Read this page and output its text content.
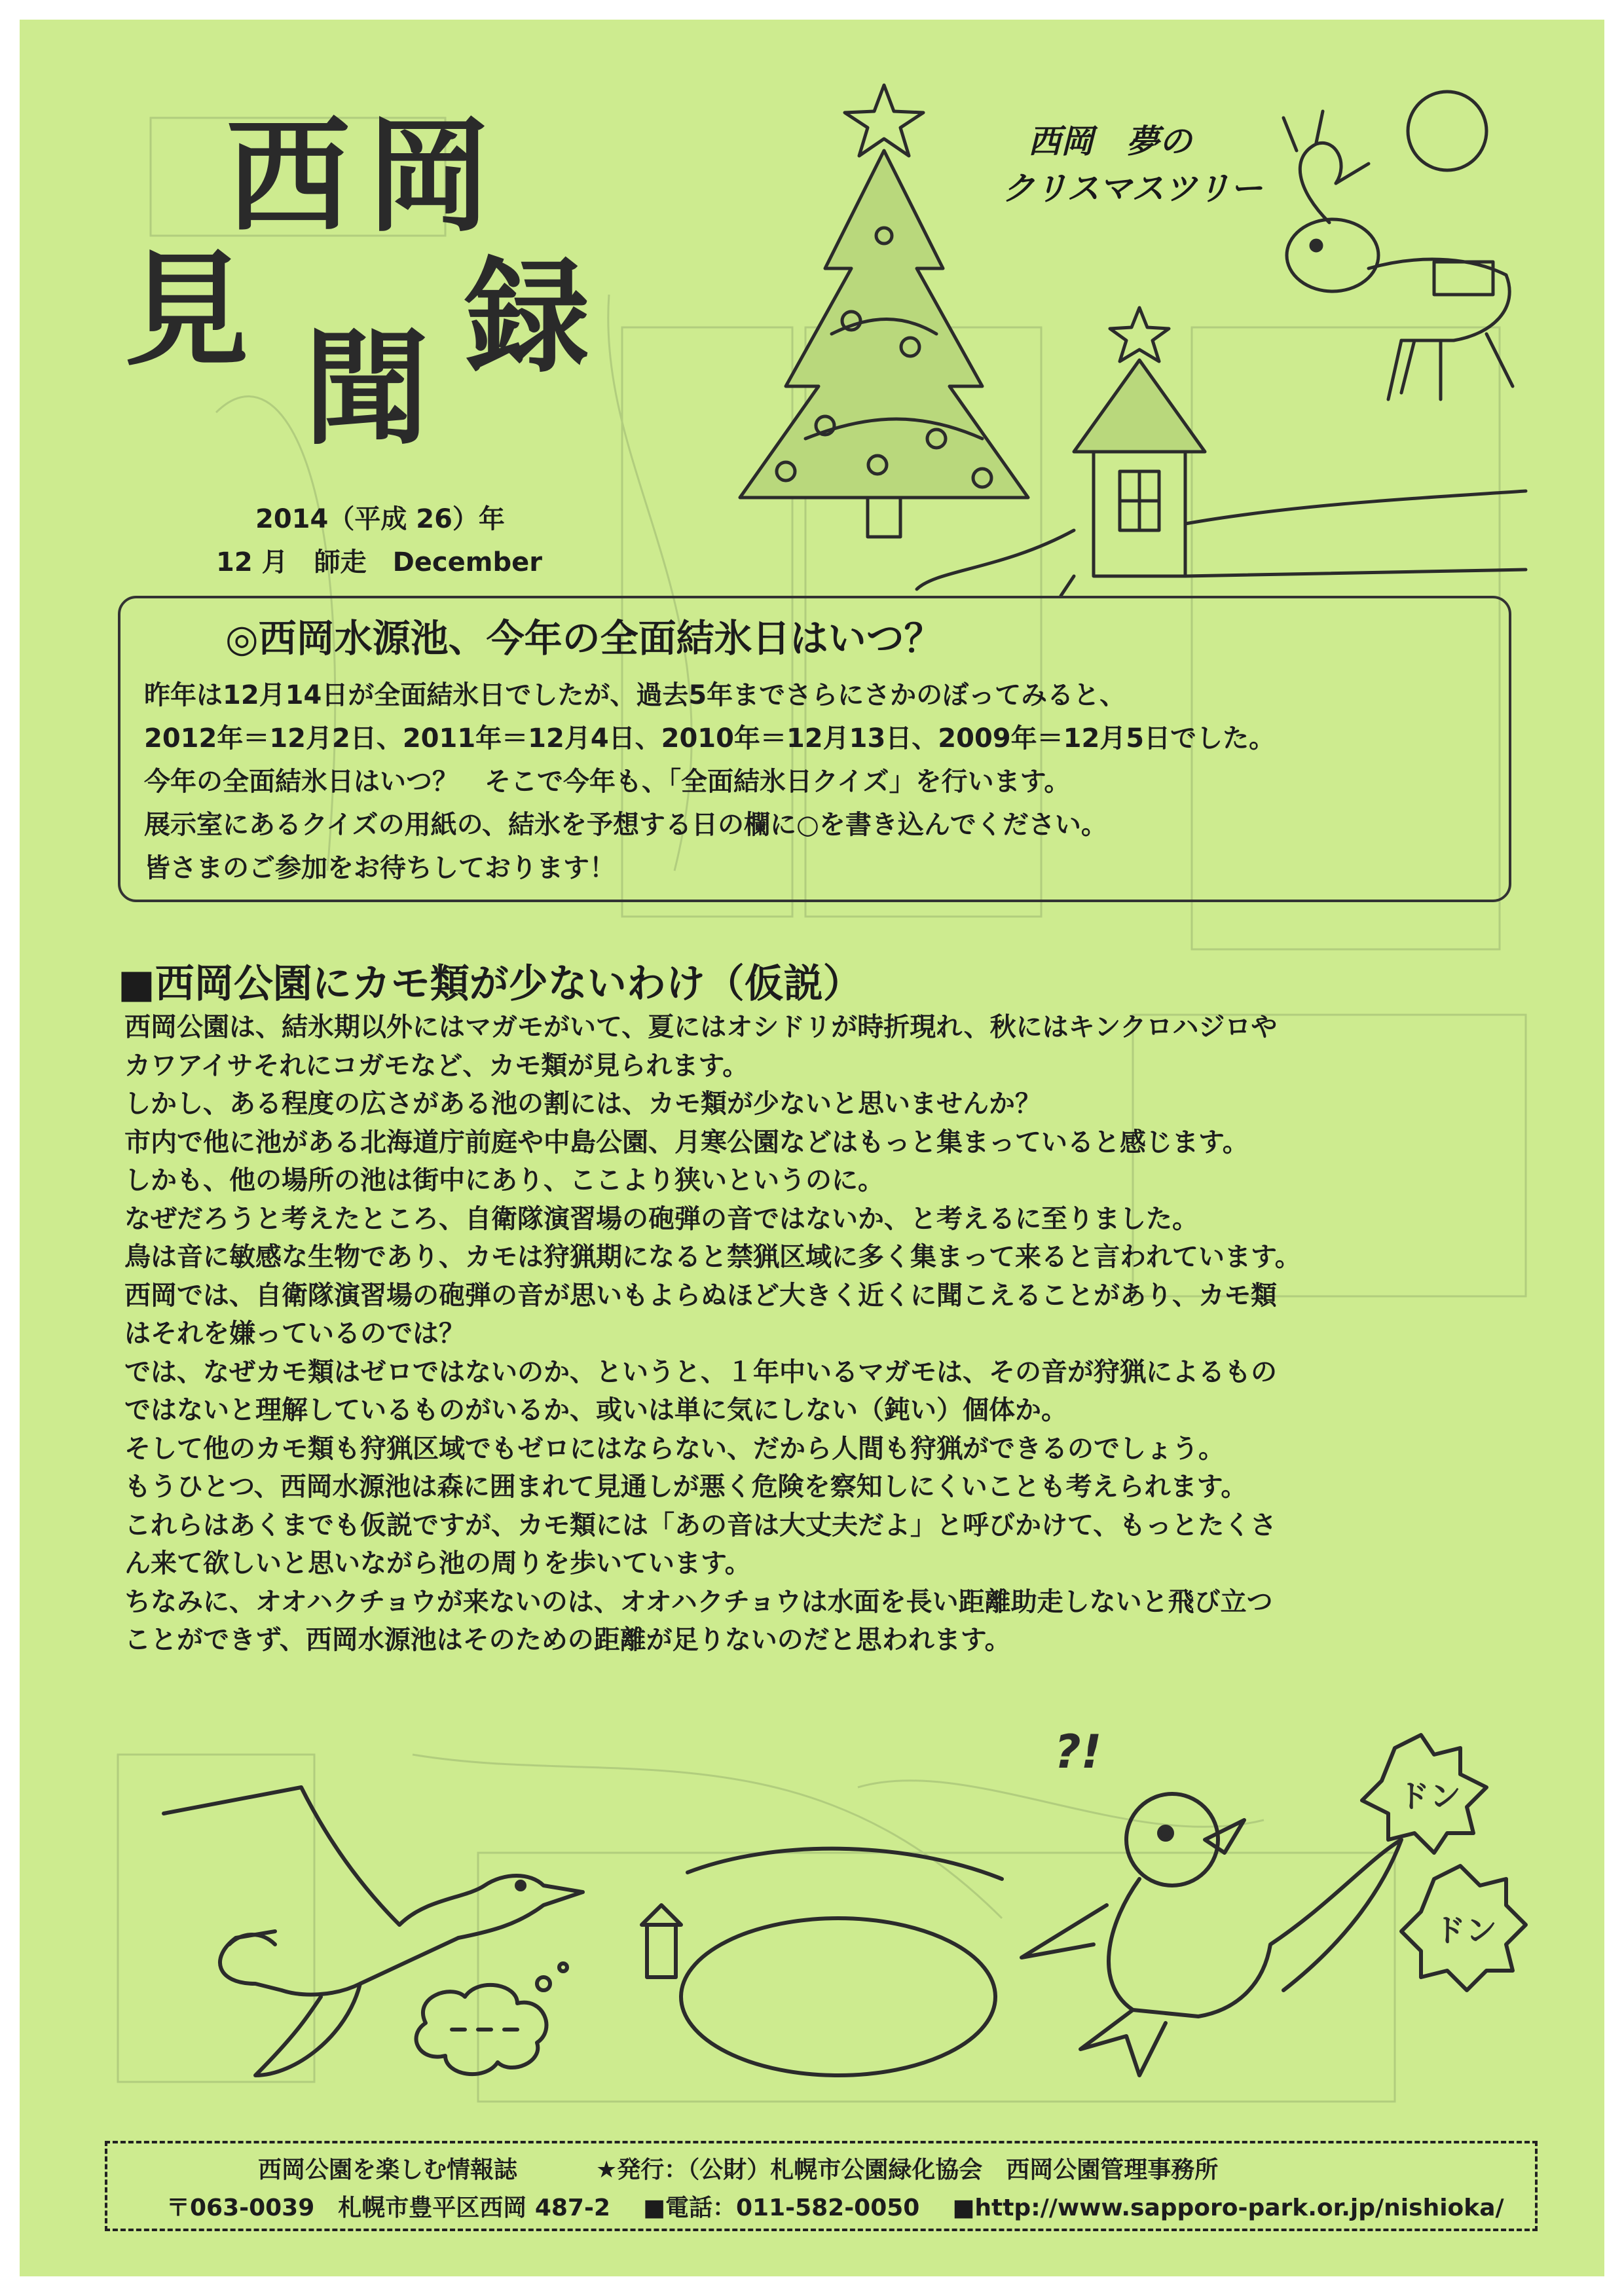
西 岡
見
聞 録
2014（平成 26）年
12 月　師走　December
西岡　夢の
クリスマスツリー
◎西岡水源池、今年の全面結氷日はいつ？
昨年は12月14日が全面結氷日でしたが、過去5年までさらにさかのぼってみると、
2012年＝12月2日、2011年＝12月4日、2010年＝12月13日、2009年＝12月5日でした。
今年の全面結氷日はいつ？　そこで今年も、「全面結氷日クイズ」を行います。
展示室にあるクイズの用紙の、結氷を予想する日の欄に○を書き込んでください。
皆さまのご参加をお待ちしております！
■西岡公園にカモ類が少ないわけ（仮説）
西岡公園は、結氷期以外にはマガモがいて、夏にはオシドリが時折現れ、秋にはキンクロハジロや
カワアイサそれにコガモなど、カモ類が見られます。
しかし、ある程度の広さがある池の割には、カモ類が少ないと思いませんか？
市内で他に池がある北海道庁前庭や中島公園、月寒公園などはもっと集まっていると感じます。
しかも、他の場所の池は街中にあり、ここより狭いというのに。
なぜだろうと考えたところ、自衛隊演習場の砲弾の音ではないか、と考えるに至りました。
鳥は音に敏感な生物であり、カモは狩猟期になると禁猟区域に多く集まって来ると言われています。
西岡では、自衛隊演習場の砲弾の音が思いもよらぬほど大きく近くに聞こえることがあり、カモ類
はそれを嫌っているのでは？
では、なぜカモ類はゼロではないのか、というと、１年中いるマガモは、その音が狩猟によるもの
ではないと理解しているものがいるか、或いは単に気にしない（鈍い）個体か。
そして他のカモ類も狩猟区域でもゼロにはならない、だから人間も狩猟ができるのでしょう。
もうひとつ、西岡水源池は森に囲まれて見通しが悪く危険を察知しにくいことも考えられます。
これらはあくまでも仮説ですが、カモ類には「あの音は大丈夫だよ」と呼びかけて、もっとたくさ
ん来て欲しいと思いながら池の周りを歩いています。
ちなみに、オオハクチョウが来ないのは、オオハクチョウは水面を長い距離助走しないと飛び立つ
ことができず、西岡水源池はそのための距離が足りないのだと思われます。
?!
ドン
ドン
西岡公園を楽しむ情報誌	★発行：（公財）札幌市公園緑化協会　西岡公園管理事務所
〒063-0039　札幌市豊平区西岡 487-2 ■電話：011-582-0050 ■http://www.sapporo-park.or.jp/nishioka/
